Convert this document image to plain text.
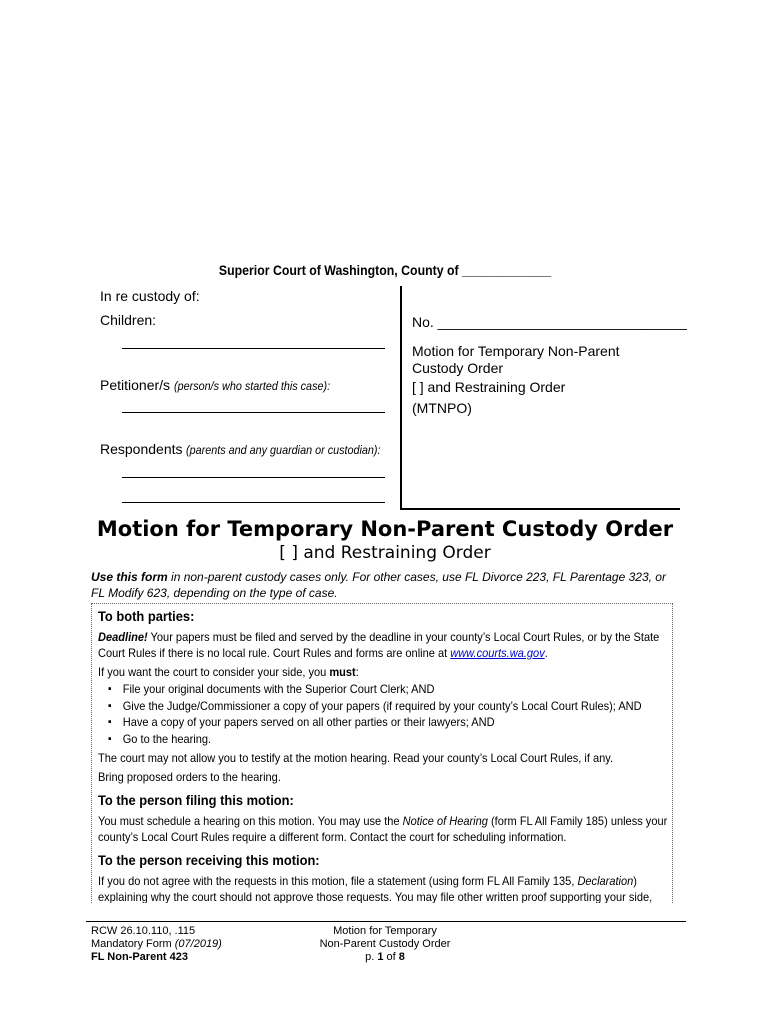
Superior Court of Washington, County of _____________
In re custody of:
Children:
Petitioner/s (person/s who started this case):
Respondents (parents and any guardian or custodian):
No. ________________________________
Motion for Temporary Non-Parent
Custody Order
[ ] and Restraining Order
(MTNPO)
Motion for Temporary Non-Parent Custody Order
[ ] and Restraining Order
Use this form in non-parent custody cases only. For other cases, use FL Divorce 223, FL Parentage 323, or FL Modify 623, depending on the type of case.
To both parties:
Deadline! Your papers must be filed and served by the deadline in your county’s Local Court Rules, or by the State Court Rules if there is no local rule. Court Rules and forms are online at www.courts.wa.gov.
If you want the court to consider your side, you must:
▪ File your original documents with the Superior Court Clerk; AND
▪ Give the Judge/Commissioner a copy of your papers (if required by your county’s Local Court Rules); AND
▪ Have a copy of your papers served on all other parties or their lawyers; AND
▪ Go to the hearing.
The court may not allow you to testify at the motion hearing. Read your county’s Local Court Rules, if any.
Bring proposed orders to the hearing.
To the person filing this motion:
You must schedule a hearing on this motion. You may use the Notice of Hearing (form FL All Family 185) unless your county’s Local Court Rules require a different form. Contact the court for scheduling information.
To the person receiving this motion:
If you do not agree with the requests in this motion, file a statement (using form FL All Family 135, Declaration) explaining why the court should not approve those requests. You may file other written proof supporting your side,
RCW 26.10.110, .115
Mandatory Form (07/2019)
FL Non-Parent 423
Motion for Temporary
Non-Parent Custody Order
p. 1 of 8
